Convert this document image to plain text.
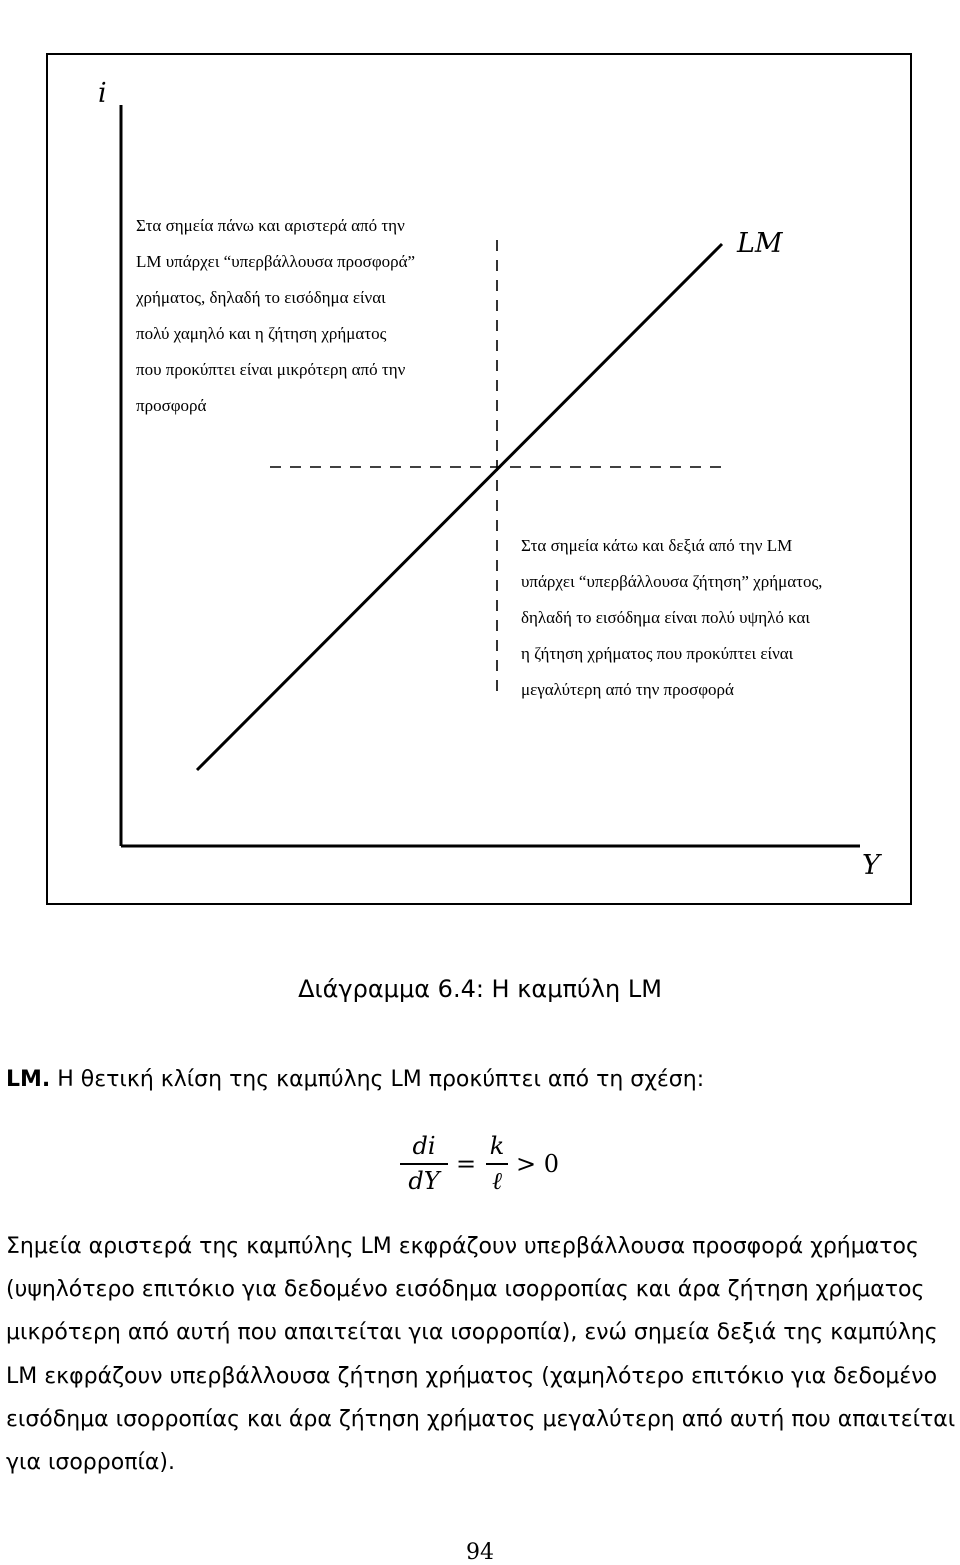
i
LM
Y
Στα σημεία πάνω και αριστερά από την
LM υπάρχει “υπερβάλλουσα προσφορά”
χρήματος, δηλαδή το εισόδημα είναι
πολύ χαμηλό και η ζήτηση χρήματος
που προκύπτει είναι μικρότερη από την
προσφορά
Στα σημεία κάτω και δεξιά από την LM
υπάρχει “υπερβάλλουσα ζήτηση” χρήματος,
δηλαδή το εισόδημα είναι πολύ υψηλό και
η ζήτηση χρήματος που προκύπτει είναι
μεγαλύτερη από την προσφορά
Διάγραμμα 6.4: Η καμπύλη LM
LM. Η θετική κλίση της καμπύλης LM προκύπτει από τη σχέση:
di
dY
=
k
ℓ
> 0
Σημεία αριστερά της καμπύλης LM εκφράζουν υπερβάλλουσα προσφορά χρήματος
(υψηλότερο επιτόκιο για δεδομένο εισόδημα ισορροπίας και άρα ζήτηση χρήματος
μικρότερη από αυτή που απαιτείται για ισορροπία), ενώ σημεία δεξιά της καμπύλης
LM εκφράζουν υπερβάλλουσα ζήτηση χρήματος (χαμηλότερο επιτόκιο για δεδομένο
εισόδημα ισορροπίας και άρα ζήτηση χρήματος μεγαλύτερη από αυτή που απαιτείται
για ισορροπία).
94
